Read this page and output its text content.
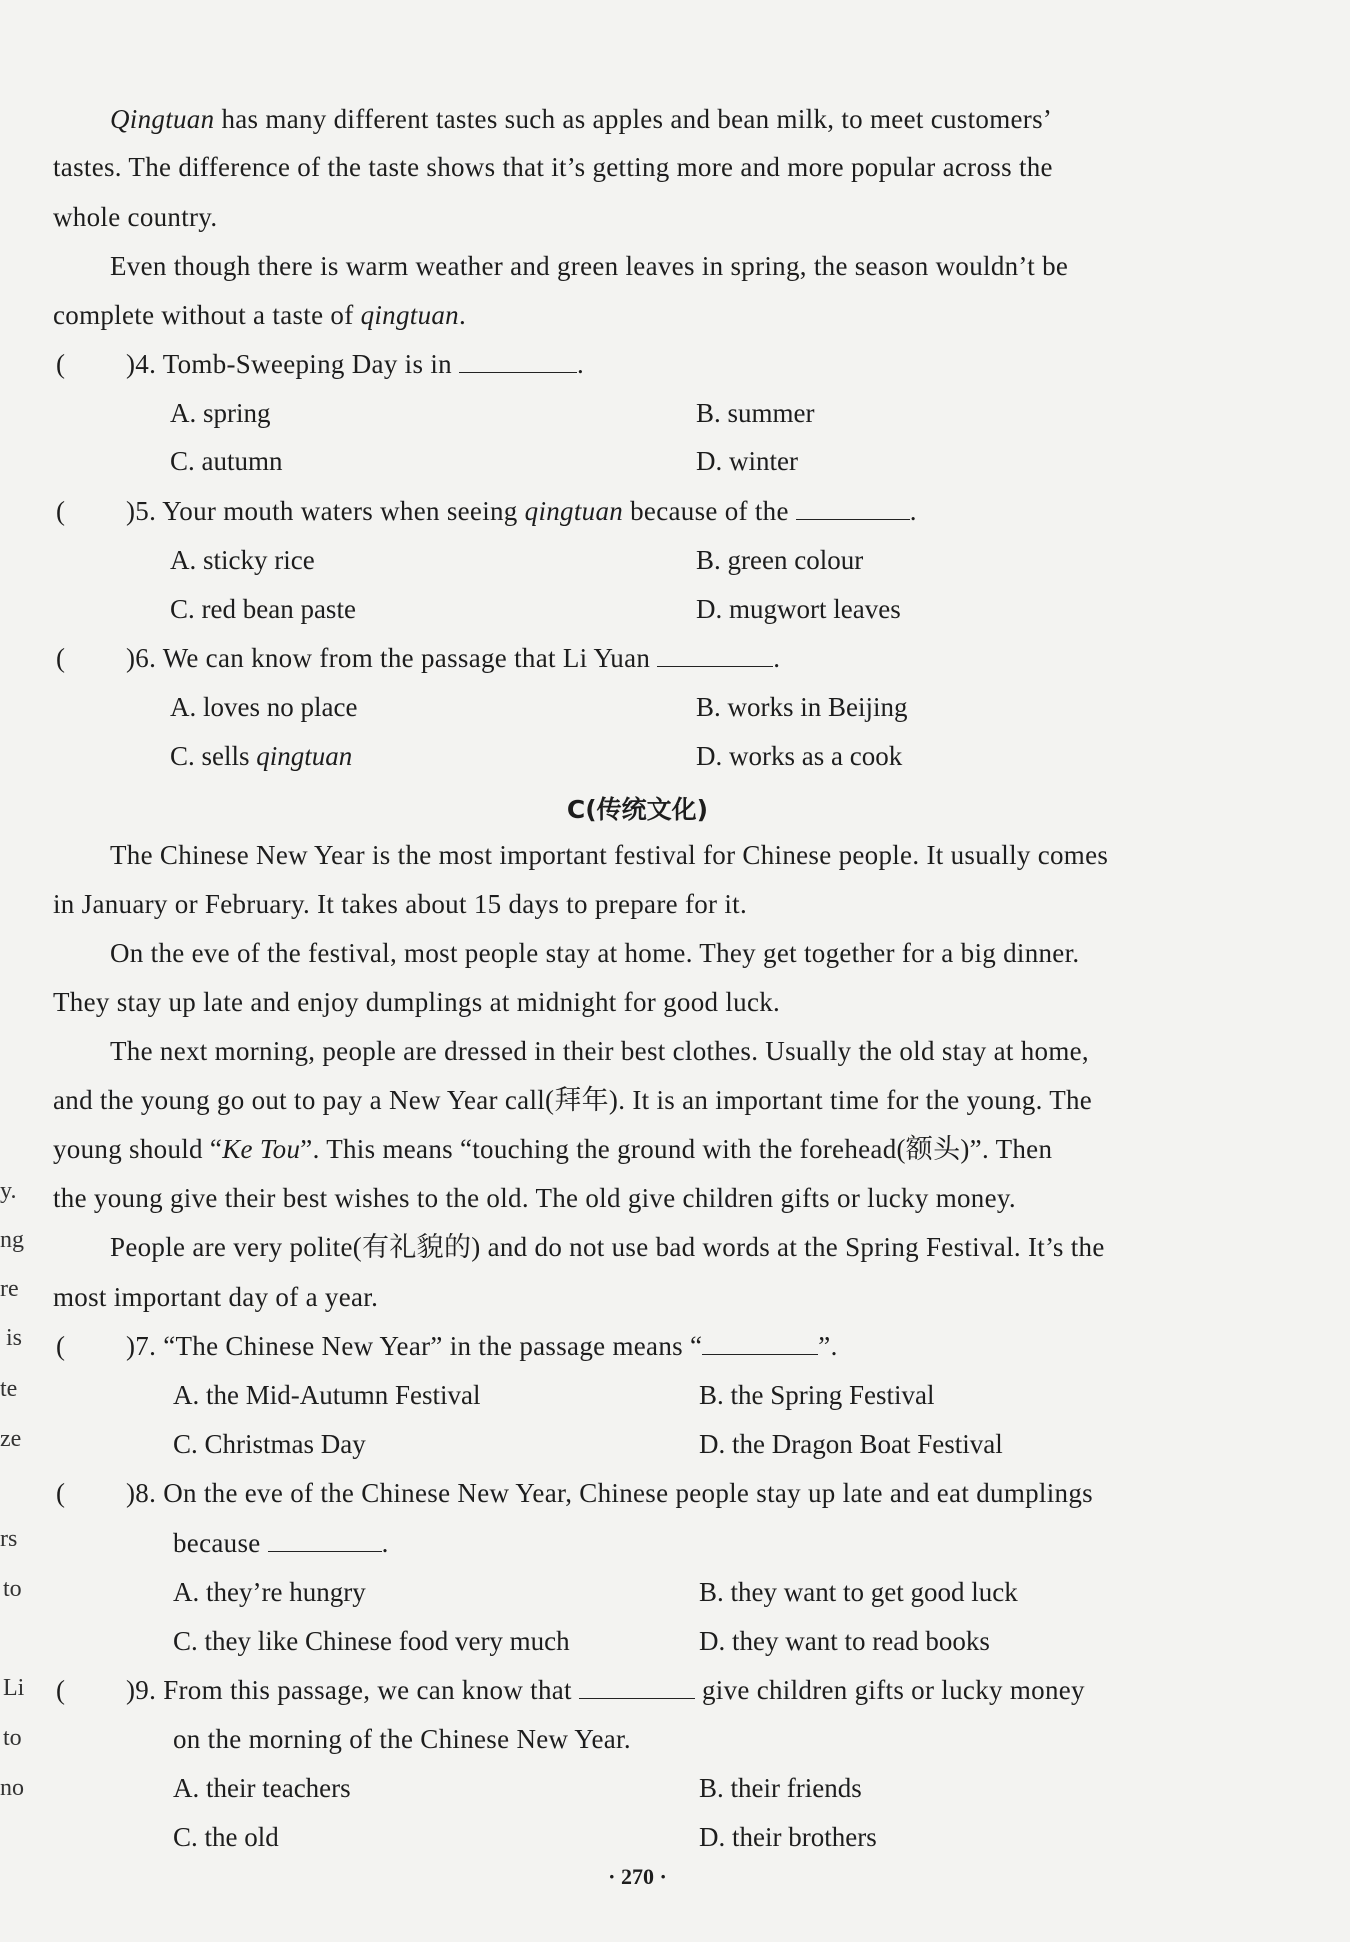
Qingtuan has many different tastes such as apples and bean milk, to meet customers’
tastes. The difference of the taste shows that it’s getting more and more popular across the
whole country.
Even though there is warm weather and green leaves in spring, the season wouldn’t be
complete without a taste of qingtuan.
( )4. Tomb-Sweeping Day is in	.
A. spring	B. summer
C. autumn	D. winter
( )5. Your mouth waters when seeing qingtuan because of the	.
A. sticky rice	B. green colour
C. red bean paste	D. mugwort leaves
( )6. We can know from the passage that Li Yuan	.
A. loves no place	B. works in Beijing
C. sells qingtuan	D. works as a cook
C(传统文化)
The Chinese New Year is the most important festival for Chinese people. It usually comes
in January or February. It takes about 15 days to prepare for it.
On the eve of the festival, most people stay at home. They get together for a big dinner.
They stay up late and enjoy dumplings at midnight for good luck.
The next morning, people are dressed in their best clothes. Usually the old stay at home,
and the young go out to pay a New Year call(拜年). It is an important time for the young. The
young should “Ke Tou”. This means “touching the ground with the forehead(额头)”. Then
the young give their best wishes to the old. The old give children gifts or lucky money.
People are very polite(有礼貌的) and do not use bad words at the Spring Festival. It’s the
most important day of a year.
( )7. “The Chinese New Year” in the passage means “	”.
A. the Mid-Autumn Festival	B. the Spring Festival
C. Christmas Day	D. the Dragon Boat Festival
( )8. On the eve of the Chinese New Year, Chinese people stay up late and eat dumplings
because	.
A. they’re hungry	B. they want to get good luck
C. they like Chinese food very much	D. they want to read books
( )9. From this passage, we can know that	give children gifts or lucky money
on the morning of the Chinese New Year.
A. their teachers	B. their friends
C. the old	D. their brothers
· 270 ·
y.
ng
re
is
te
ze
rs
to
Li
to
no
